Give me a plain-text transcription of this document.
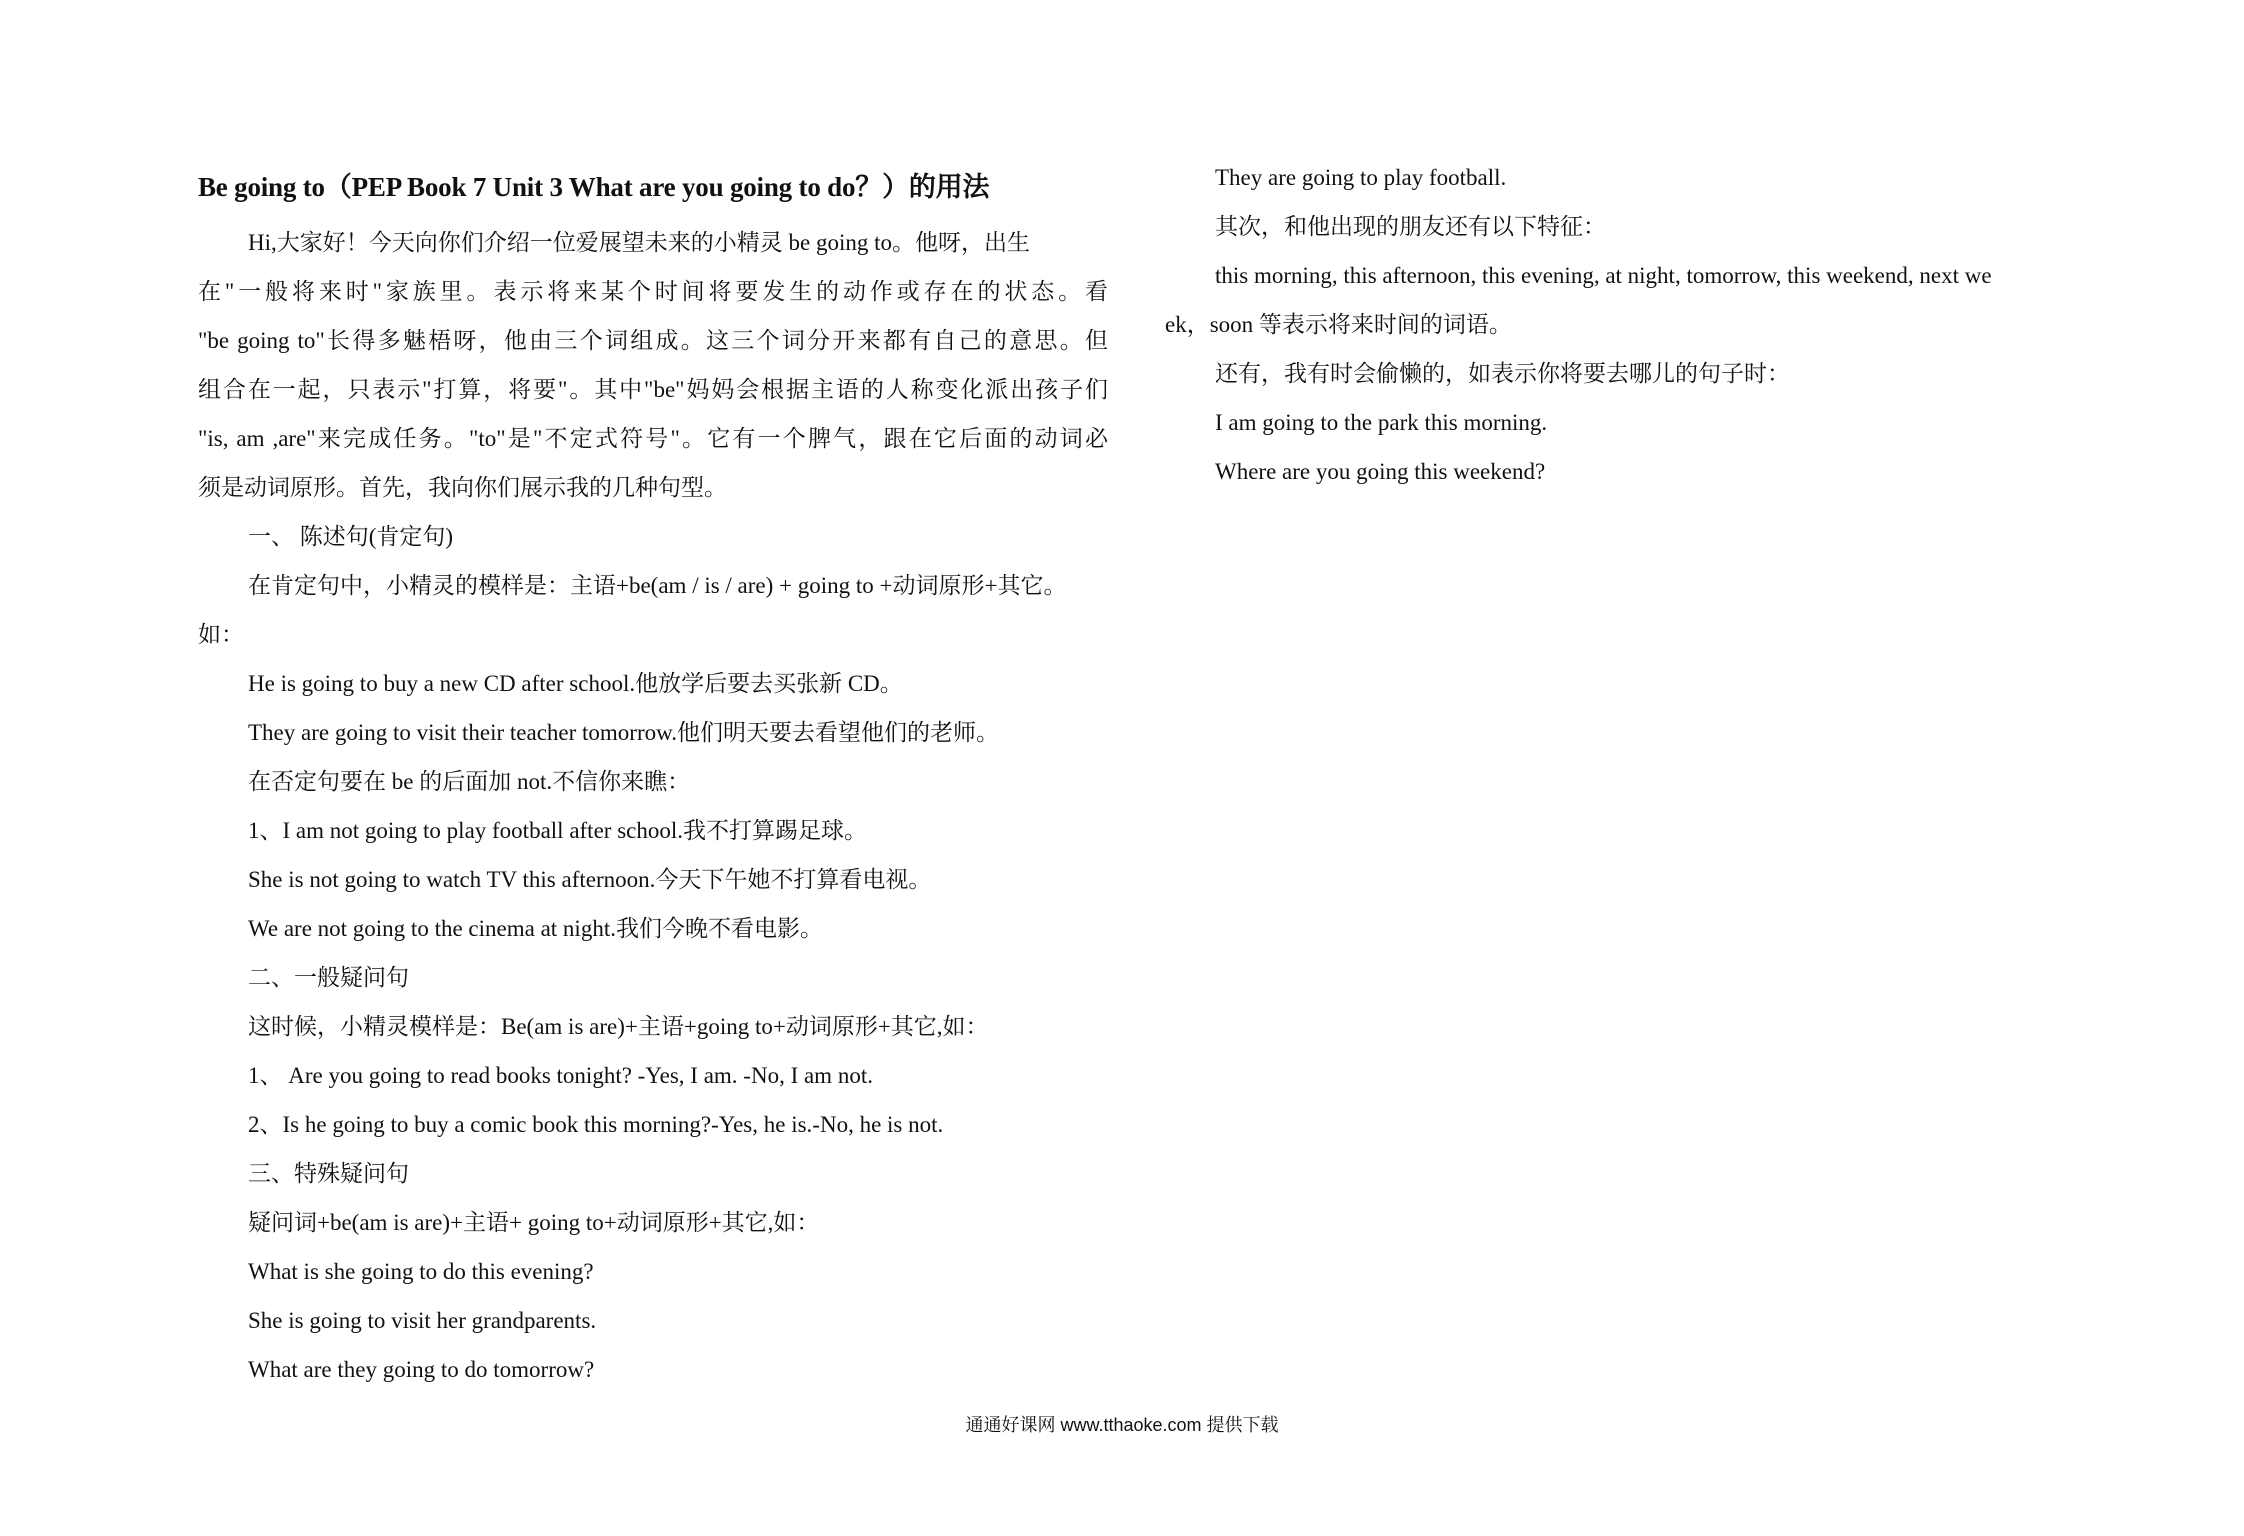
Be going to（PEP Book 7 Unit 3 What are you going to do？）的用法
Hi,大家好！今天向你们介绍一位爱展望未来的小精灵 be going to。他呀，出生
在"一般将来时"家族里。表示将来某个时间将要发生的动作或存在的状态。看
"be going to"长得多魅梧呀，他由三个词组成。这三个词分开来都有自己的意思。但
组合在一起，只表示"打算，将要"。其中"be"妈妈会根据主语的人称变化派出孩子们
"is, am ,are"来完成任务。"to"是"不定式符号"。它有一个脾气，跟在它后面的动词必
须是动词原形。首先，我向你们展示我的几种句型。
一、 陈述句(肯定句)
在肯定句中，小精灵的模样是：主语+be(am / is / are) + going to +动词原形+其它。
如：
He is going to buy a new CD after school.他放学后要去买张新 CD。
They are going to visit their teacher tomorrow.他们明天要去看望他们的老师。
在否定句要在 be 的后面加 not.不信你来瞧：
1、I am not going to play football after school.我不打算踢足球。
She is not going to watch TV this afternoon.今天下午她不打算看电视。
We are not going to the cinema at night.我们今晚不看电影。
二、一般疑问句
这时候，小精灵模样是：Be(am is are)+主语+going to+动词原形+其它,如：
1、 Are you going to read books tonight? -Yes, I am. -No, I am not.
2、Is he going to buy a comic book this morning?-Yes, he is.-No, he is not.
三、特殊疑问句
疑问词+be(am is are)+主语+ going to+动词原形+其它,如：
What is she going to do this evening?
She is going to visit her grandparents.
What are they going to do tomorrow?
They are going to play football.
其次，和他出现的朋友还有以下特征：
this morning, this afternoon, this evening, at night, tomorrow, this weekend, next we
ek，soon 等表示将来时间的词语。
还有，我有时会偷懒的，如表示你将要去哪儿的句子时：
I am going to the park this morning.
Where are you going this weekend?
通通好课网 www.tthaoke.com 提供下载
